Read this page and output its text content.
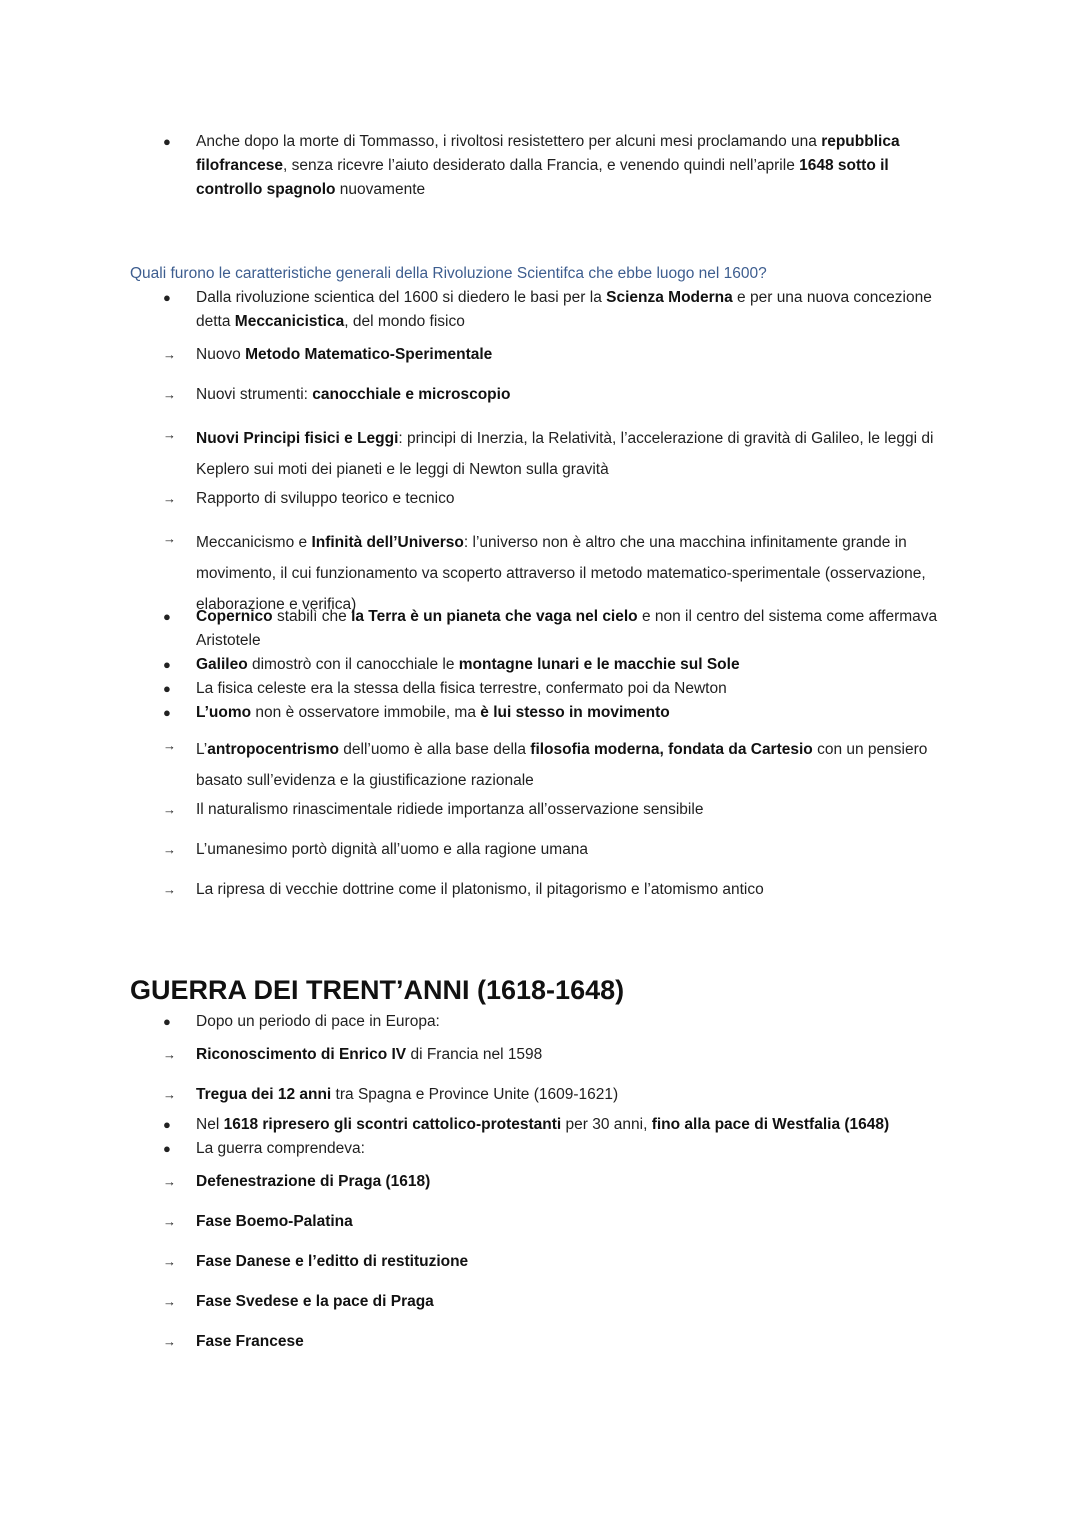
● Anche dopo la morte di Tommasso, i rivoltosi resistettero per alcuni mesi proclamando una repubblica filofrancese, senza ricevre l’aiuto desiderato dalla Francia, e venendo quindi nell’aprile 1648 sotto il controllo spagnolo nuovamente
Quali furono le caratteristiche generali della Rivoluzione Scientifca che ebbe luogo nel 1600?
● Dalla rivoluzione scientica del 1600 si diedero le basi per la Scienza Moderna e per una nuova concezione detta Meccanicistica, del mondo fisico
→ Nuovo Metodo Matematico-Sperimentale
→ Nuovi strumenti: canocchiale e microscopio
→ Nuovi Principi fisici e Leggi: principi di Inerzia, la Relatività, l’accelerazione di gravità di Galileo, le leggi di Keplero sui moti dei pianeti e le leggi di Newton sulla gravità
→ Rapporto di sviluppo teorico e tecnico
→ Meccanicismo e Infinità dell’Universo: l’universo non è altro che una macchina infinitamente grande in movimento, il cui funzionamento va scoperto attraverso il metodo matematico-sperimentale (osservazione, elaborazione e verifica)
● Copernico stabilì che la Terra è un pianeta che vaga nel cielo e non il centro del sistema come affermava Aristotele
● Galileo dimostrò con il canocchiale le montagne lunari e le macchie sul Sole
● La fisica celeste era la stessa della fisica terrestre, confermato poi da Newton
● L’uomo non è osservatore immobile, ma è lui stesso in movimento
→ L’antropocentrismo dell’uomo è alla base della filosofia moderna, fondata da Cartesio con un pensiero basato sull’evidenza e la giustificazione razionale
→ Il naturalismo rinascimentale ridiede importanza all’osservazione sensibile
→ L’umanesimo portò dignità all’uomo e alla ragione umana
→ La ripresa di vecchie dottrine come il platonismo, il pitagorismo e l’atomismo antico
GUERRA DEI TRENT’ANNI (1618-1648)
● Dopo un periodo di pace in Europa:
→ Riconoscimento di Enrico IV di Francia nel 1598
→ Tregua dei 12 anni tra Spagna e Province Unite (1609-1621)
● Nel 1618 ripresero gli scontri cattolico-protestanti per 30 anni, fino alla pace di Westfalia (1648)
● La guerra comprendeva:
→ Defenestrazione di Praga (1618)
→ Fase Boemo-Palatina
→ Fase Danese e l’editto di restituzione
→ Fase Svedese e la pace di Praga
→ Fase Francese
